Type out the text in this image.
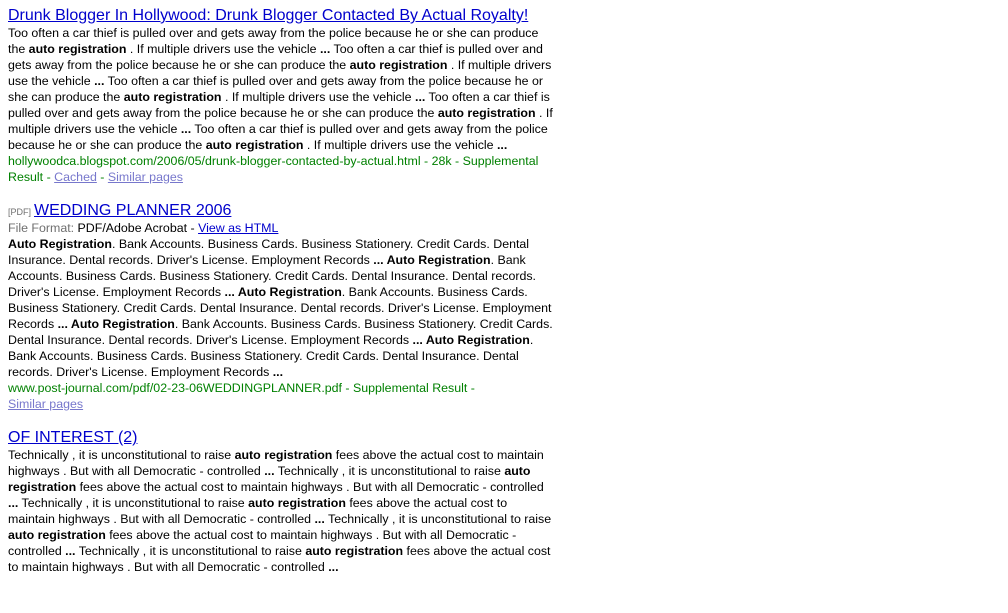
Drunk Blogger In Hollywood: Drunk Blogger Contacted By Actual Royalty!
Too often a car thief is pulled over and gets away from the police because he or she can produce the auto registration . If multiple drivers use the vehicle ... Too often a car thief is pulled over and gets away from the police because he or she can produce the auto registration . If multiple drivers use the vehicle ... Too often a car thief is pulled over and gets away from the police because he or she can produce the auto registration . If multiple drivers use the vehicle ... Too often a car thief is pulled over and gets away from the police because he or she can produce the auto registration . If multiple drivers use the vehicle ... Too often a car thief is pulled over and gets away from the police because he or she can produce the auto registration . If multiple drivers use the vehicle ...
hollywoodca.blogspot.com/2006/05/drunk-blogger-contacted-by-actual.html - 28k - Supplemental Result - Cached - Similar pages
[PDF] WEDDING PLANNER 2006
File Format: PDF/Adobe Acrobat - View as HTML
Auto Registration. Bank Accounts. Business Cards. Business Stationery. Credit Cards. Dental Insurance. Dental records. Driver's License. Employment Records ... Auto Registration. Bank Accounts. Business Cards. Business Stationery. Credit Cards. Dental Insurance. Dental records. Driver's License. Employment Records ... Auto Registration. Bank Accounts. Business Cards. Business Stationery. Credit Cards. Dental Insurance. Dental records. Driver's License. Employment Records ... Auto Registration. Bank Accounts. Business Cards. Business Stationery. Credit Cards. Dental Insurance. Dental records. Driver's License. Employment Records ... Auto Registration. Bank Accounts. Business Cards. Business Stationery. Credit Cards. Dental Insurance. Dental records. Driver's License. Employment Records ...
www.post-journal.com/pdf/02-23-06WEDDINGPLANNER.pdf - Supplemental Result -
Similar pages
OF INTEREST (2)
Technically , it is unconstitutional to raise auto registration fees above the actual cost to maintain highways . But with all Democratic - controlled ... Technically , it is unconstitutional to raise auto registration fees above the actual cost to maintain highways . But with all Democratic - controlled ... Technically , it is unconstitutional to raise auto registration fees above the actual cost to maintain highways . But with all Democratic - controlled ... Technically , it is unconstitutional to raise auto registration fees above the actual cost to maintain highways . But with all Democratic - controlled ... Technically , it is unconstitutional to raise auto registration fees above the actual cost to maintain highways . But with all Democratic - controlled ...
